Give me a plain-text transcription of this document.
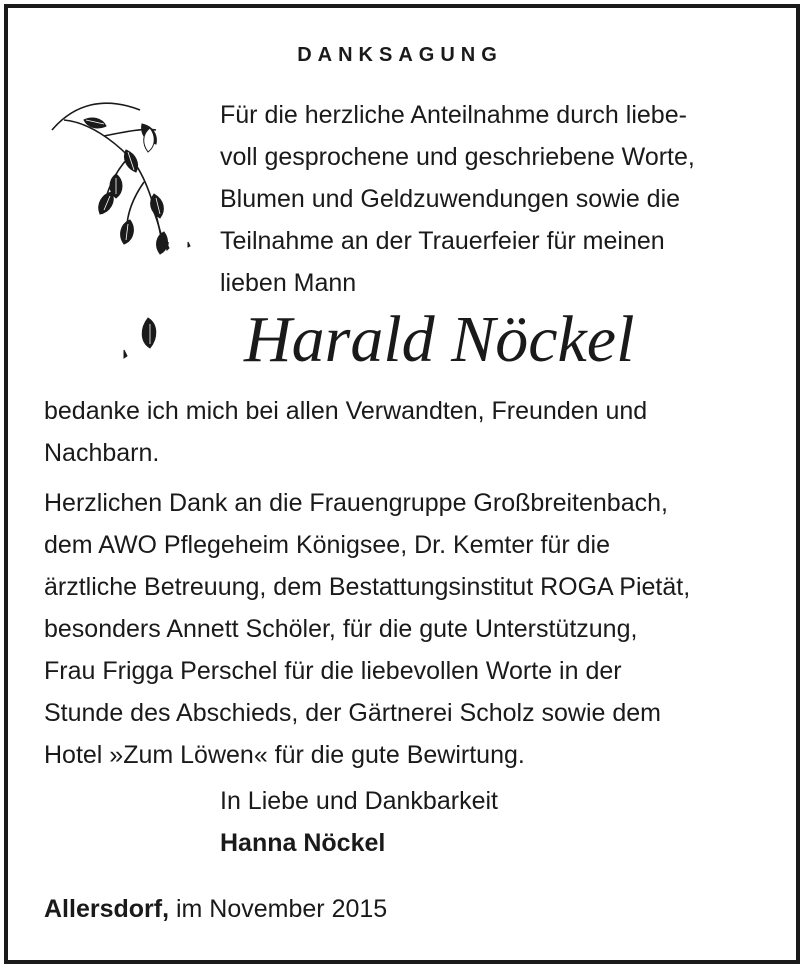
DANKSAGUNG
Für die herzliche Anteilnahme durch liebe-
voll gesprochene und geschriebene Worte,
Blumen und Geldzuwendungen sowie die
Teilnahme an der Trauerfeier für meinen
lieben Mann
Harald Nöckel
bedanke ich mich bei allen Verwandten, Freunden und
Nachbarn.
Herzlichen Dank an die Frauengruppe Großbreitenbach,
dem AWO Pflegeheim Königsee, Dr. Kemter für die
ärztliche Betreuung, dem Bestattungsinstitut ROGA Pietät,
besonders Annett Schöler, für die gute Unterstützung,
Frau Frigga Perschel für die liebevollen Worte in der
Stunde des Abschieds, der Gärtnerei Scholz sowie dem
Hotel »Zum Löwen« für die gute Bewirtung.
In Liebe und Dankbarkeit
Hanna Nöckel
Allersdorf, im November 2015
